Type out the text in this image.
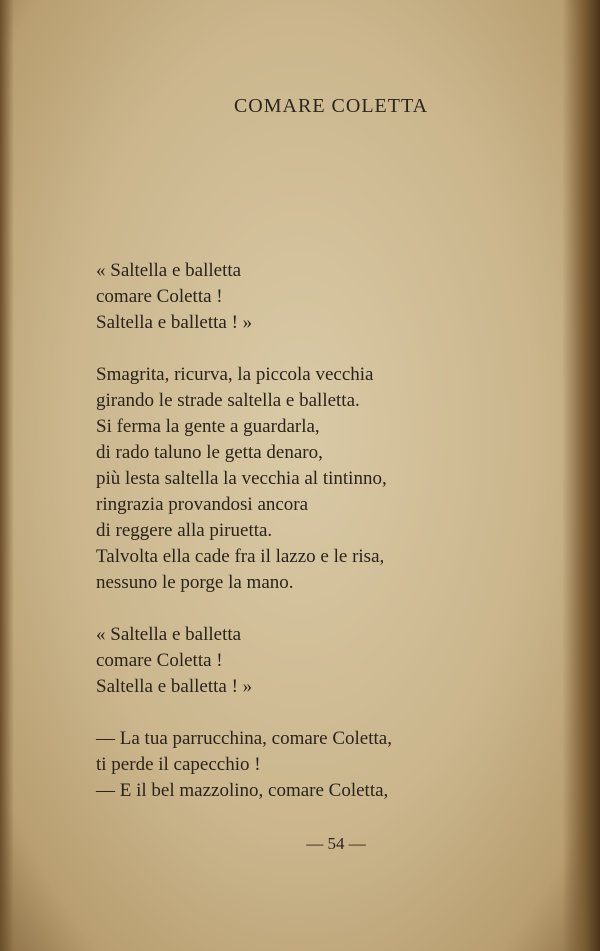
COMARE COLETTA
« Saltella e balletta
comare Coletta !
Saltella e balletta ! »
Smagrita, ricurva, la piccola vecchia
girando le strade saltella e balletta.
Si ferma la gente a guardarla,
di rado taluno le getta denaro,
più lesta saltella la vecchia al tintinno,
ringrazia provandosi ancora
di reggere alla piruetta.
Talvolta ella cade fra il lazzo e le risa,
nessuno le porge la mano.
« Saltella e balletta
comare Coletta !
Saltella e balletta ! »
— La tua parrucchina, comare Coletta,
ti perde il capecchio !
— E il bel mazzolino, comare Coletta,
— 54 —
